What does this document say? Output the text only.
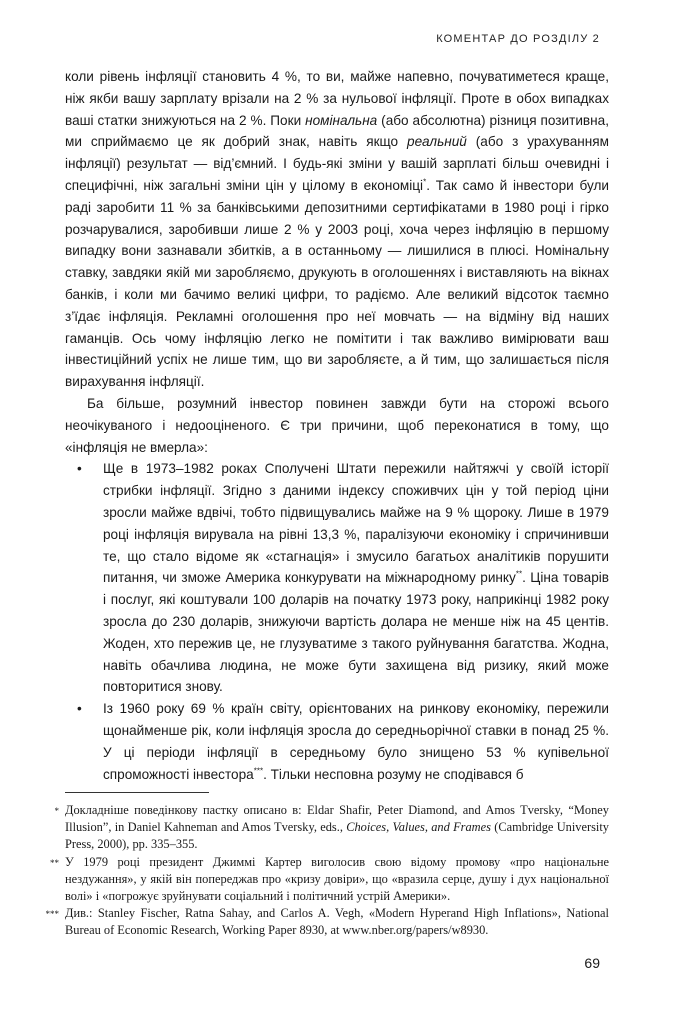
КОМЕНТАР ДО РОЗДІЛУ 2

коли рівень інфляції становить 4 %, то ви, майже напевно, почуватиметеся краще, ніж якби вашу зарплату врізали на 2 % за нульової інфляції. Проте в обох випадках ваші статки знижуються на 2 %. Поки номінальна (або абсолютна) різниця позитивна, ми сприймаємо це як добрий знак, навіть якщо реальний (або з урахуванням інфляції) результат — від’ємний. І будь-які зміни у вашій зарплаті більш очевидні і специфічні, ніж загальні зміни цін у цілому в економіці*. Так само й інвестори були раді заробити 11 % за банківськими депозитними сертифікатами в 1980 році і гірко розчарувалися, заробивши лише 2 % у 2003 році, хоча через інфляцію в першому випадку вони зазнавали збитків, а в останньому — лишилися в плюсі. Номінальну ставку, завдяки якій ми заробляємо, друкують в оголошеннях і виставляють на вікнах банків, і коли ми бачимо великі цифри, то радіємо. Але великий відсоток таємно з’їдає інфляція. Рекламні оголошення про неї мовчать — на відміну від наших гаманців. Ось чому інфляцію легко не помітити і так важливо вимірювати ваш інвестиційний успіх не лише тим, що ви заробляєте, а й тим, що залишається після вирахування інфляції.

Ба більше, розумний інвестор повинен завжди бути на сторожі всього неочікуваного і недооціненого. Є три причини, щоб переконатися в тому, що «інфляція не вмерла»:

• Ще в 1973–1982 роках Сполучені Штати пережили найтяжчі у своїй історії стрибки інфляції. Згідно з даними індексу споживчих цін у той період ціни зросли майже вдвічі, тобто підвищувались майже на 9 % щороку. Лише в 1979 році інфляція вирувала на рівні 13,3 %, паралізуючи економіку і спричинивши те, що стало відоме як «стагнація» і змусило багатьох аналітиків порушити питання, чи зможе Америка конкурувати на міжнародному ринку**. Ціна товарів і послуг, які коштували 100 доларів на початку 1973 року, наприкінці 1982 року зросла до 230 доларів, знижуючи вартість долара не менше ніж на 45 центів. Жоден, хто пережив це, не глузуватиме з такого руйнування багатства. Жодна, навіть обачлива людина, не може бути захищена від ризику, який може повторитися знову.
• Із 1960 року 69 % країн світу, орієнтованих на ринкову економіку, пережили щонайменше рік, коли інфляція зросла до середньорічної ставки в понад 25 %. У ці періоди інфляції в середньому було знищено 53 % купівельної спроможності інвестора***. Тільки несповна розуму не сподівався б

* Докладніше поведінкову пастку описано в: Eldar Shafir, Peter Diamond, and Amos Tversky, “Money Illusion”, in Daniel Kahneman and Amos Tversky, eds., Choices, Values, and Frames (Cambridge University Press, 2000), pp. 335–355.

** У 1979 році президент Джиммі Картер виголосив свою відому промову «про національне нездужання», у якій він попереджав про «кризу довіри», що «вразила серце, душу і дух національної волі» і «погрожує зруйнувати соціальний і політичний устрій Америки».

*** Див.: Stanley Fischer, Ratna Sahay, and Carlos A. Vegh, «Modern Hyperand High Inflations», National Bureau of Economic Research, Working Paper 8930, at www.nber.org/papers/w8930.

69
